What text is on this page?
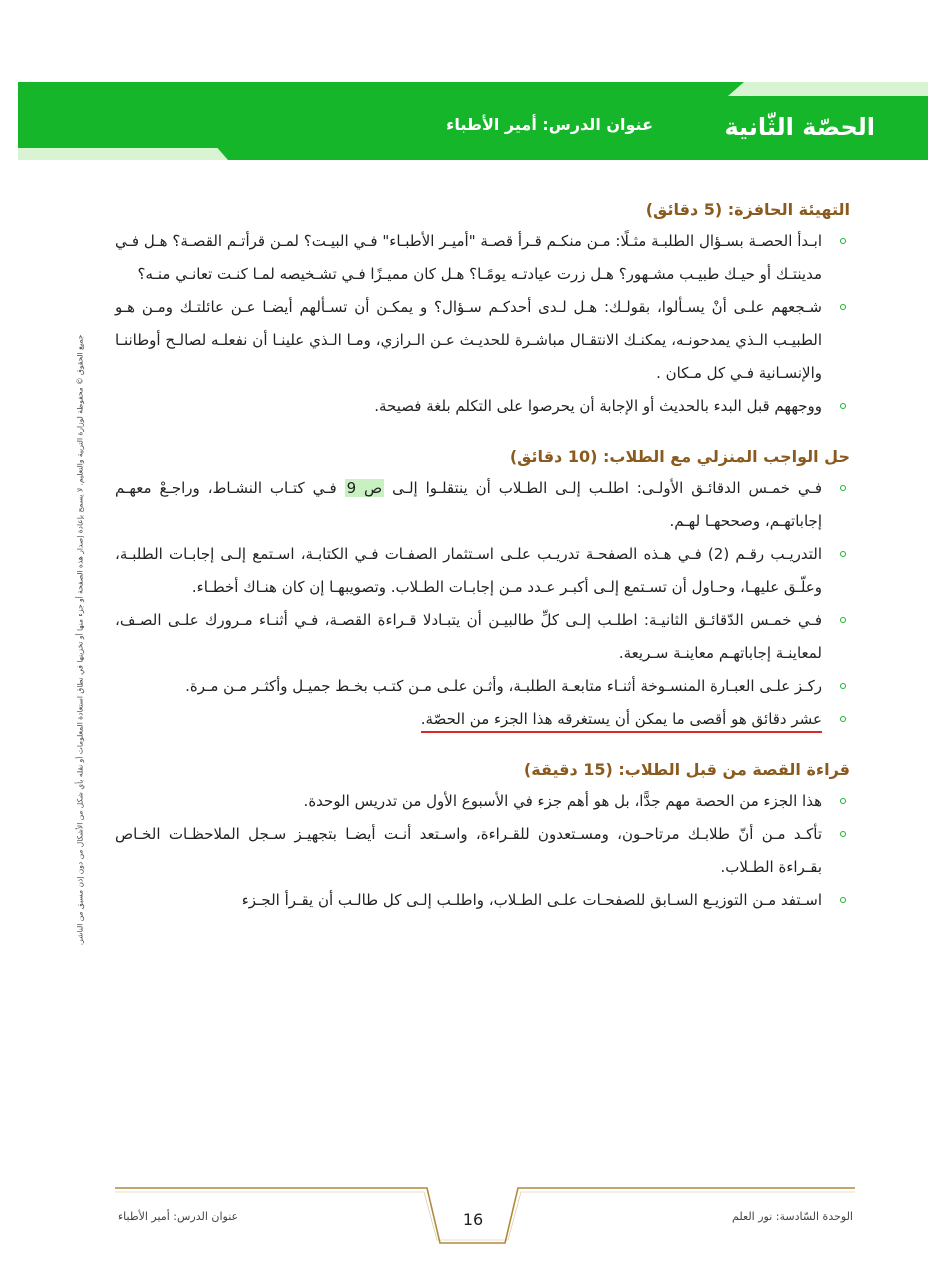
الحصّة الثّانية

عنوان الدرس: أمير الأطباء

جميع الحقوق © محفوظة لوزارة التربية والتعليم. لا يسمح بإعادة إصدار هذه الصفحة أو جزء منها أو تخزينها في نطاق استعادة المعلومات أو نقله بأي شكل من الأشكال من دون إذن مسبق من الناشر.
التهيئة الحافزة: (5 دقائق)
ابـدأ الحصـة بسـؤال الطلبـة مثـلًا: مـن منكـم قـرأ قصـة "أميـر الأطبـاء" فـي البيـت؟ لمـن قرأتـم القصـة؟ هـل فـي مدينتـك أو حيـك طبيـب مشـهور؟ هـل زرت عيادتـه يومًـا؟ هـل كان مميـزًا فـي تشـخيصه لمـا كنـت تعانـي منـه؟
شـجعهم علـى أنْ يسـألوا، بقولـك: هـل لـدى أحدكـم سـؤال؟ و يمكـن أن تسـألهم أيضـا عـن عائلتـك ومـن هـو الطبيـب الـذي يمدحونـه، يمكنـك الانتقـال مباشـرة للحديـث عـن الـرازي، ومـا الـذي علينـا أن نفعلـه لصالـح أوطاننـا والإنسـانية فـي كل مـكان .
ووجههم قبل البدء بالحديث أو الإجابة أن يحرصوا على التكلم بلغة فصيحة.
حل الواجب المنزلي مع الطلاب: (10 دقائق)
فـي خمـس الدقائـق الأولـى: اطلـب إلـى الطـلاب أن ينتقلـوا إلـى ص 9 فـي كتـاب النشـاط، وراجـعْ معهـم إجاباتهـم، وصححهـا لهـم.
التدريـب رقـم (2) فـي هـذه الصفحـة تدريـب علـى اسـتثمار الصفـات فـي الكتابـة، اسـتمع إلـى إجابـات الطلبـة، وعلّـق عليهـا، وحـاول أن تسـتمع إلـى أكبـر عـدد مـن إجابـات الطـلاب. وتصويبهـا إن كان هنـاك أخطـاء.
فـي خمـس الدّقائـق الثانيـة: اطلـب إلـى كلِّ طالبيـن أن يتبـادلا قـراءة القصـة، فـي أثنـاء مـرورك علـى الصـف، لمعاينـة إجاباتهـم معاينـة سـريعة.
ركـز علـى العبـارة المنسـوخة أثنـاء متابعـة الطلبـة، وأثـن علـى مـن كتـب بخـط جميـل وأكثـر مـن مـرة.
عشر دقائق هو أقصى ما يمكن أن يستغرقه هذا الجزء من الحصّة.
قراءة القصة من قبل الطلاب: (15 دقيقة)
هذا الجزء من الحصة مهم جدًّا، بل هو أهم جزء في الأسبوع الأول من تدريس الوحدة.
تأكـد مـن أنّ طلابـك مرتاحـون، ومسـتعدون للقـراءة، واسـتعد أنـت أيضـا بتجهيـز سـجل الملاحظـات الخـاص بقـراءة الطـلاب.
اسـتفد مـن التوزيـع السـابق للصفحـات علـى الطـلاب، واطلـب إلـى كل طالـب أن يقـرأ الجـزء

16	الوحدة السّادسة: نور العلم

عنوان الدرس: أمير الأطباء
